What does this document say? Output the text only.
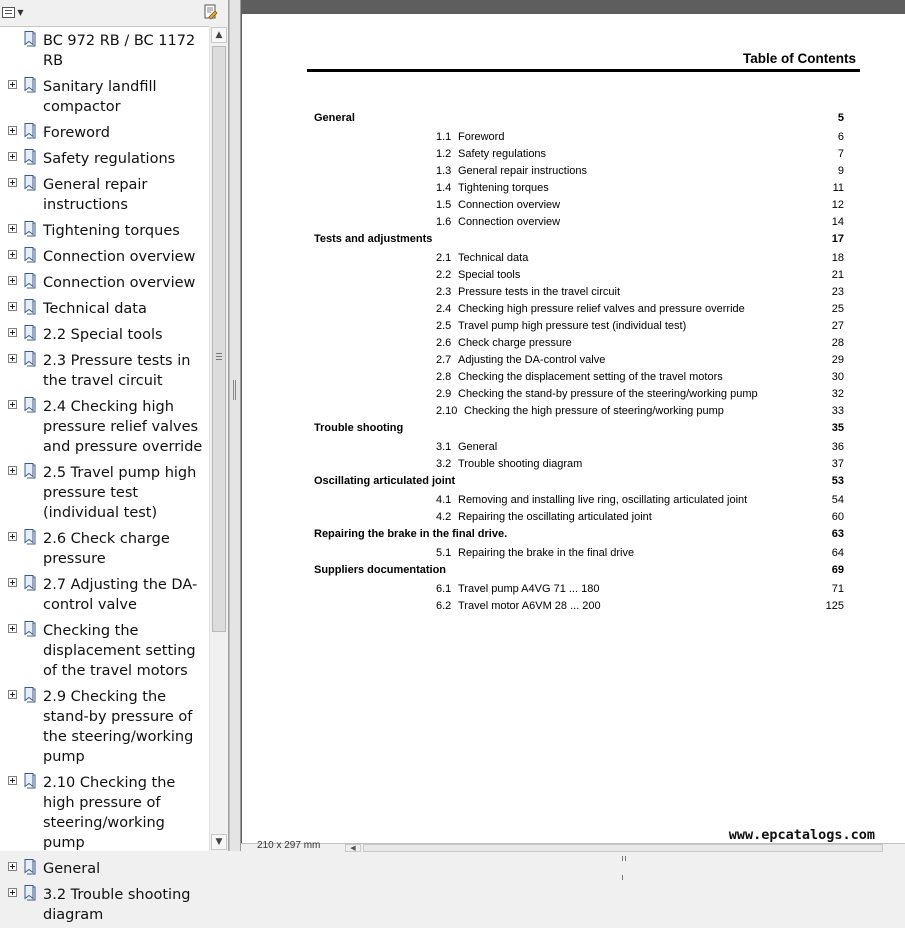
▼
BC 972 RB / BC 1172 RB
Sanitary landfill compactor
Foreword
Safety regulations
General repair instructions
Tightening torques
Connection overview
Connection overview
Technical data
2.2 Special tools
2.3 Pressure tests in the travel circuit
2.4 Checking high pressure relief valves and pressure override
2.5 Travel pump high pressure test (individual test)
2.6 Check charge pressure
2.7 Adjusting the DA-control valve
Checking the displacement setting of the travel motors
2.9 Checking the stand-by pressure of the steering/working pump
2.10 Checking the high pressure of steering/working pump
General
3.2 Trouble shooting diagram
▲
▼
Table of Contents
General	5
1.1 Foreword	6
1.2 Safety regulations	7
1.3 General repair instructions	9
1.4 Tightening torques	11
1.5 Connection overview	12
1.6 Connection overview	14
Tests and adjustments	17
2.1 Technical data	18
2.2 Special tools	21
2.3 Pressure tests in the travel circuit	23
2.4 Checking high pressure relief valves and pressure override	25
2.5 Travel pump high pressure test (individual test)	27
2.6 Check charge pressure	28
2.7 Adjusting the DA-control valve	29
2.8 Checking the displacement setting of the travel motors	30
2.9 Checking the stand-by pressure of the steering/working pump	32
2.10 Checking the high pressure of steering/working pump	33
Trouble shooting	35
3.1 General	36
3.2 Trouble shooting diagram	37
Oscillating articulated joint	53
4.1 Removing and installing live ring, oscillating articulated joint	54
4.2 Repairing the oscillating articulated joint	60
Repairing the brake in the final drive.	63
5.1 Repairing the brake in the final drive	64
Suppliers documentation	69
6.1 Travel pump A4VG 71 ... 180	71
6.2 Travel motor A6VM 28 ... 200	125
www.epcatalogs.com
210 x 297 mm	◀
